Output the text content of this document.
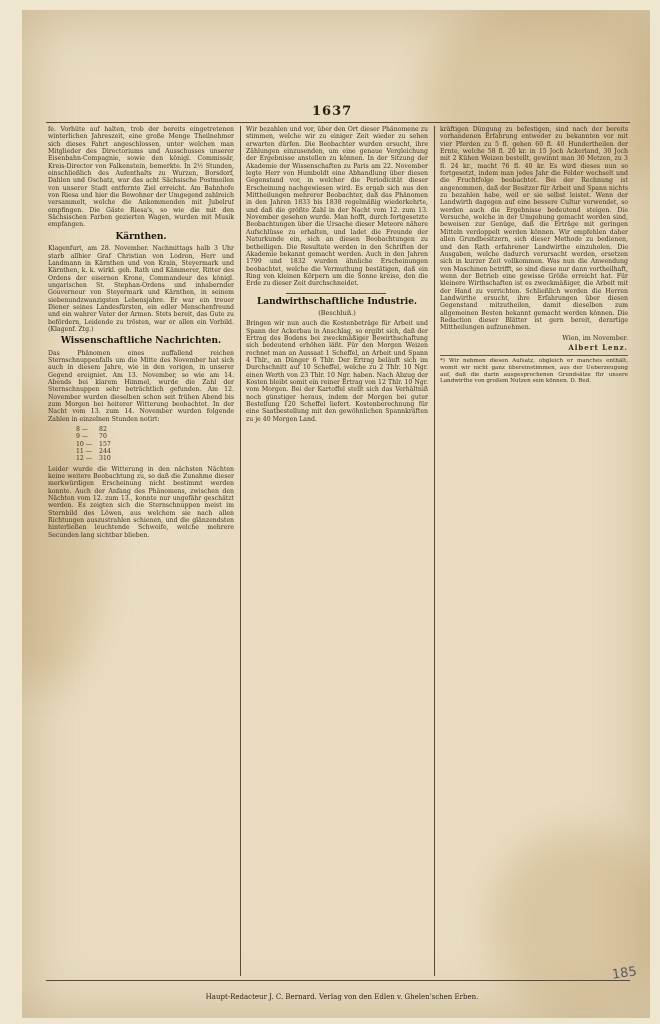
1637

fe. Vorhüte auf halten, trob der bereits eingetretenen winterlichen Jahreszeit, eine große Menge Theilnehmer sich dieses Fahrt angeschlossen, unter welchen man Mitglieder des Directoriums und Ausschusses unserer Eisenbahn-Compagnie, sowie den königl. Commissär, Kreis-Director von Falkenstein, bemerkte. In 2½ Stunden, einschließlich des Aufenthalts zu Wurzen, Borsdorf, Dahlen und Oschatz, war das acht Sächsische Postmeilen von unserer Stadt entfernte Ziel erreicht. Am Bahnhofe von Riesa und hier die Bewohner der Umgegend zahlreich versammelt, welche die Ankommenden mit Jubelruf empfingen. Die Gäste Riesa's, so wie die mit den Sächsischen Farben gezierten Wagen, wurden mit Musik empfangen.

Kärnthen.

Klagenfurt, am 28. November. Nachmittags halb 3 Uhr starb allhier Graf Christian von Lodron, Herr und Landmann in Kärnthen und von Krain, Steyermark und Kärnthen, k. k. wirkl. geh. Rath und Kämmerer, Ritter des Ordens der eisernen Krone, Commandeur des königl. ungarischen St. Stephan-Ordens und inhabernder Gouverneur von Steyermark und Kärnthen, in seinem siebenundzwanzigsten Lebensjahre. Er war ein treuer Diener seines Landesfürsten, ein edler Menschenfreund und ein wahrer Vater der Armen. Stets bereit, das Gute zu befördern, Leidende zu trösten, war er allen ein Vorbild. (Klagenf. Ztg.)

Wissenschaftliche Nachrichten.

Das Phänomen eines auffallend reichen Sternschnuppenfalls um die Mitte des November hat sich auch in diesem Jahre, wie in den vorigen, in unserer Gegend ereigniet. Am 13. November, so wie am 14. Abends bei klarem Himmel, wurde die Zahl der Sternschnuppen sehr beträchtlich gefunden. Am 12. November wurden dieselben schon seit frühen Abend bis zum Morgen bei heiterer Witterung beobachtet. In der Nacht vom 13. zum 14. November wurden folgende Zahlen in einzelnen Stunden notirt:

8 —	82
9 —	70
10 —	157
11 —	244
12 —	310

Leider wurde die Witterung in den nächsten Nächten keine weitere Beobachtung zu, so daß die Zunahme dieser merkwürdigen Erscheinung nicht bestimmt werden konnte. Auch der Anfang des Phänomens, zwischen den Nächten vom 12. zum 13., konnte nur ungefähr geschätzt werden. Es zeigten sich die Sternschnuppen meist im Sternbild des Löwen, aus welchem sie nach allen Richtungen auszustrahlen schienen, und die glänzendsten hinterließen leuchtende Schweife, welche mehrere Secunden lang sichtbar blieben.

Wir bezahlen und vor, über den Ort dieser Phänomene zu stimmen, welche wir zu einiger Zeit wieder zu sehen erwarten dürfen. Die Beobachter wurden ersucht, ihre Zählungen einzusenden, um eine genaue Vergleichung der Ergebnisse anstellen zu können. In der Sitzung der Akademie der Wissenschaften zu Paris am 22. November legte Herr von Humboldt eine Abhandlung über diesen Gegenstand vor, in welcher die Periodicität dieser Erscheinung nachgewiesen wird. Es ergab sich aus den Mittheilungen mehrerer Beobachter, daß das Phänomen in den Jahren 1833 bis 1838 regelmäßig wiederkehrte, und daß die größte Zahl in der Nacht vom 12. zum 13. November gesehen wurde. Man hofft, durch fortgesetzte Beobachtungen über die Ursache dieser Meteore nähere Aufschlüsse zu erhalten, und ladet die Freunde der Naturkunde ein, sich an diesen Beobachtungen zu betheiligen. Die Resultate werden in den Schriften der Akademie bekannt gemacht werden. Auch in den Jahren 1799 und 1832 wurden ähnliche Erscheinungen beobachtet, welche die Vermuthung bestätigen, daß ein Ring von kleinen Körpern um die Sonne kreise, den die Erde zu dieser Zeit durchschneidet.

Landwirthschaftliche Industrie.
(Beschluß.)

Bringen wir nun auch die Kostenbeträge für Arbeit und Spann der Ackerbau in Anschlag, so ergibt sich, daß der Ertrag des Bodens bei zweckmäßiger Bewirthschaftung sich bedeutend erhöhen läßt. Für den Morgen Weizen rechnet man an Aussaat 1 Scheffel, an Arbeit und Spann 4 Thlr., an Dünger 6 Thlr. Der Ertrag beläuft sich im Durchschnitt auf 10 Scheffel, welche zu 2 Thlr. 10 Ngr. einen Werth von 23 Thlr. 10 Ngr. haben. Nach Abzug der Kosten bleibt somit ein reiner Ertrag von 12 Thlr. 10 Ngr. vom Morgen. Bei der Kartoffel stellt sich das Verhältniß noch günstiger heraus, indem der Morgen bei guter Bestellung 120 Scheffel liefert. Kostenberechnung für eine Saatbestellung mit den gewöhnlichen Spannkräften zu je 40 Morgen Land.

kräftigen Düngung zu befestigen, sind nach der bereits vorhandenen Erfahrung entweder zu bekannten vor mit vier Pferden zu 5 fl. gehen 60 fl. 40 Hundertheilen der Ernte, welche 58 fl. 20 kr. in 15 Joch Ackerland, 30 Joch mit 2 Kühen Weizen bestellt, gewinnt man 30 Metzen, zu 3 fl. 24 kr., macht 76 fl. 40 kr. Es wird dieses nun so fortgesetzt, indem man jedes Jahr die Felder wechselt und die Fruchtfolge beobachtet. Bei der Rechnung ist angenommen, daß der Besitzer für Arbeit und Spann nichts zu bezahlen habe, weil er sie selbst leistet. Wenn der Landwirth dagegen auf eine bessere Cultur verwendet, so werden auch die Ergebnisse bedeutend steigen. Die Versuche, welche in der Umgebung gemacht worden sind, beweisen zur Genüge, daß die Erträge mit geringen Mitteln verdoppelt werden können. Wir empfehlen daher allen Grundbesitzern, sich dieser Methode zu bedienen, und den Rath erfahrener Landwirthe einzuholen. Die Ausgaben, welche dadurch verursacht werden, ersetzen sich in kurzer Zeit vollkommen. Was nun die Anwendung von Maschinen betrifft, so sind diese nur dann vortheilhaft, wenn der Betrieb eine gewisse Größe erreicht hat. Für kleinere Wirthschaften ist es zweckmäßiger, die Arbeit mit der Hand zu verrichten. Schließlich werden die Herren Landwirthe ersucht, ihre Erfahrungen über diesen Gegenstand mitzutheilen, damit dieselben zum allgemeinen Besten bekannt gemacht werden können. Die Redaction dieser Blätter ist gern bereit, derartige Mittheilungen aufzunehmen.

Wien, im November.
Albert Lenz.
*) Wir nehmen diesen Aufsatz, obgleich er manches enthält, womit wir nicht ganz übereinstimmen, aus der Ueberzeugung auf, daß die darin ausgesprochenen Grundsätze für unsere Landwirthe von großem Nutzen sein können. D. Red.
Haupt-Redacteur J. C. Bernard. Verlag von den Edlen v. Ghelen'schen Erben.
185
